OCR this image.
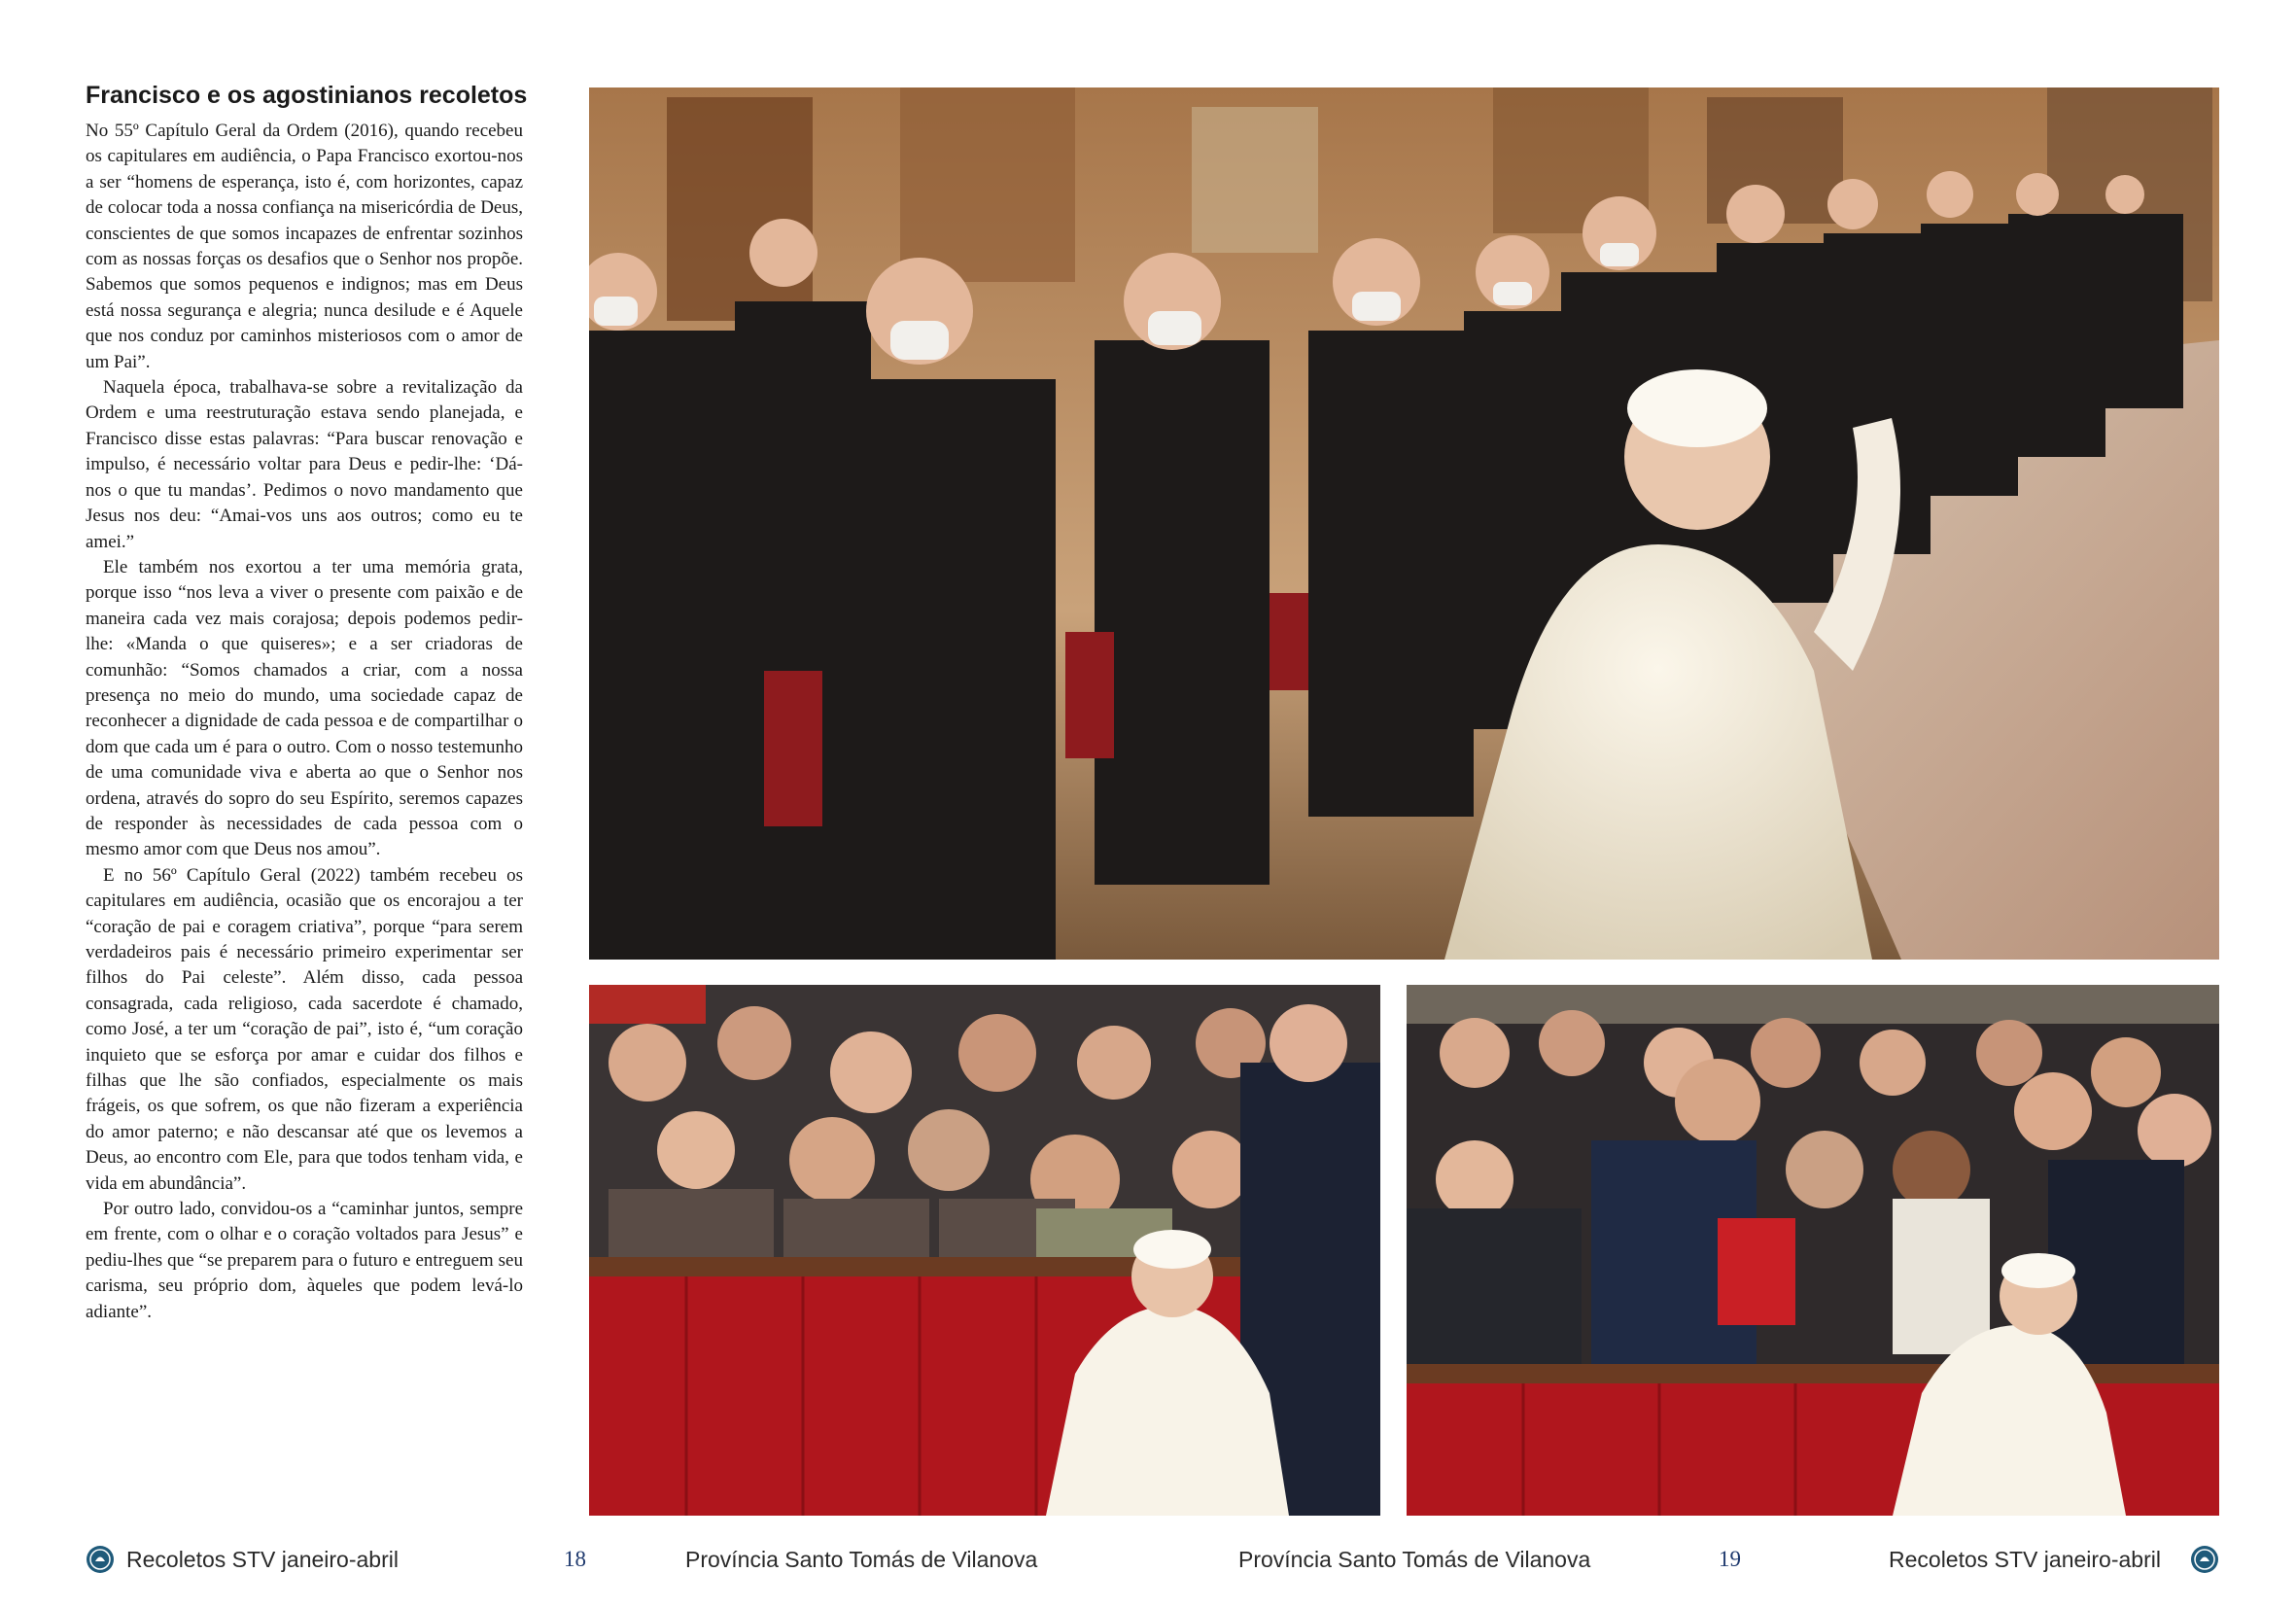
Francisco e os agostinianos recoletos

No 55º Capítulo Geral da Ordem (2016), quando recebeu os capitulares em audiência, o Papa Francisco exortou-nos a ser “homens de esperança, isto é, com horizontes, capaz de colocar toda a nossa confiança na misericórdia de Deus, conscientes de que somos incapazes de enfrentar sozinhos com as nossas forças os desafios que o Senhor nos propõe. Sabemos que somos pequenos e indignos; mas em Deus está nossa segurança e alegria; nunca desilude e é Aquele que nos conduz por caminhos misteriosos com o amor de um Pai”.

Naquela época, trabalhava-se sobre a revitalização da Ordem e uma reestruturação estava sendo planejada, e Francisco disse estas palavras: “Para buscar renovação e impulso, é necessário voltar para Deus e pedir-lhe: ‘Dá-nos o que tu mandas’. Pedimos o novo mandamento que Jesus nos deu: “Amai-vos uns aos outros; como eu te amei.”

Ele também nos exortou a ter uma memória grata, porque isso “nos leva a viver o presente com paixão e de maneira cada vez mais corajosa; depois podemos pedir-lhe: «Manda o que quiseres»; e a ser criadoras de comunhão: “Somos chamados a criar, com a nossa presença no meio do mundo, uma sociedade capaz de reconhecer a dignidade de cada pessoa e de compartilhar o dom que cada um é para o outro. Com o nosso testemunho de uma comunidade viva e aberta ao que o Senhor nos ordena, através do sopro do seu Espírito, seremos capazes de responder às necessidades de cada pessoa com o mesmo amor com que Deus nos amou”.

E no 56º Capítulo Geral (2022) também recebeu os capitulares em audiência, ocasião que os encorajou a ter “coração de pai e coragem criativa”, porque “para serem verdadeiros pais é necessário primeiro experimentar ser filhos do Pai celeste”. Além disso, cada pessoa consagrada, cada religioso, cada sacerdote é chamado, como José, a ter um “coração de pai”, isto é, “um coração inquieto que se esforça por amar e cuidar dos filhos e filhas que lhe são confiados, especialmente os mais frágeis, os que sofrem, os que não fizeram a experiência do amor paterno; e não descansar até que os levemos a Deus, ao encontro com Ele, para que todos tenham vida, e vida em abundância”.

Por outro lado, convidou-os a “caminhar juntos, sempre em frente, com o olhar e o coração voltados para Jesus” e pediu-lhes que “se preparem para o futuro e entreguem seu carisma, seu próprio dom, àqueles que podem levá-lo adiante”.

Recoletos STV janeiro-abril	18	Província Santo Tomás de Vilanova	Província Santo Tomás de Vilanova	19	Recoletos STV janeiro-abril
